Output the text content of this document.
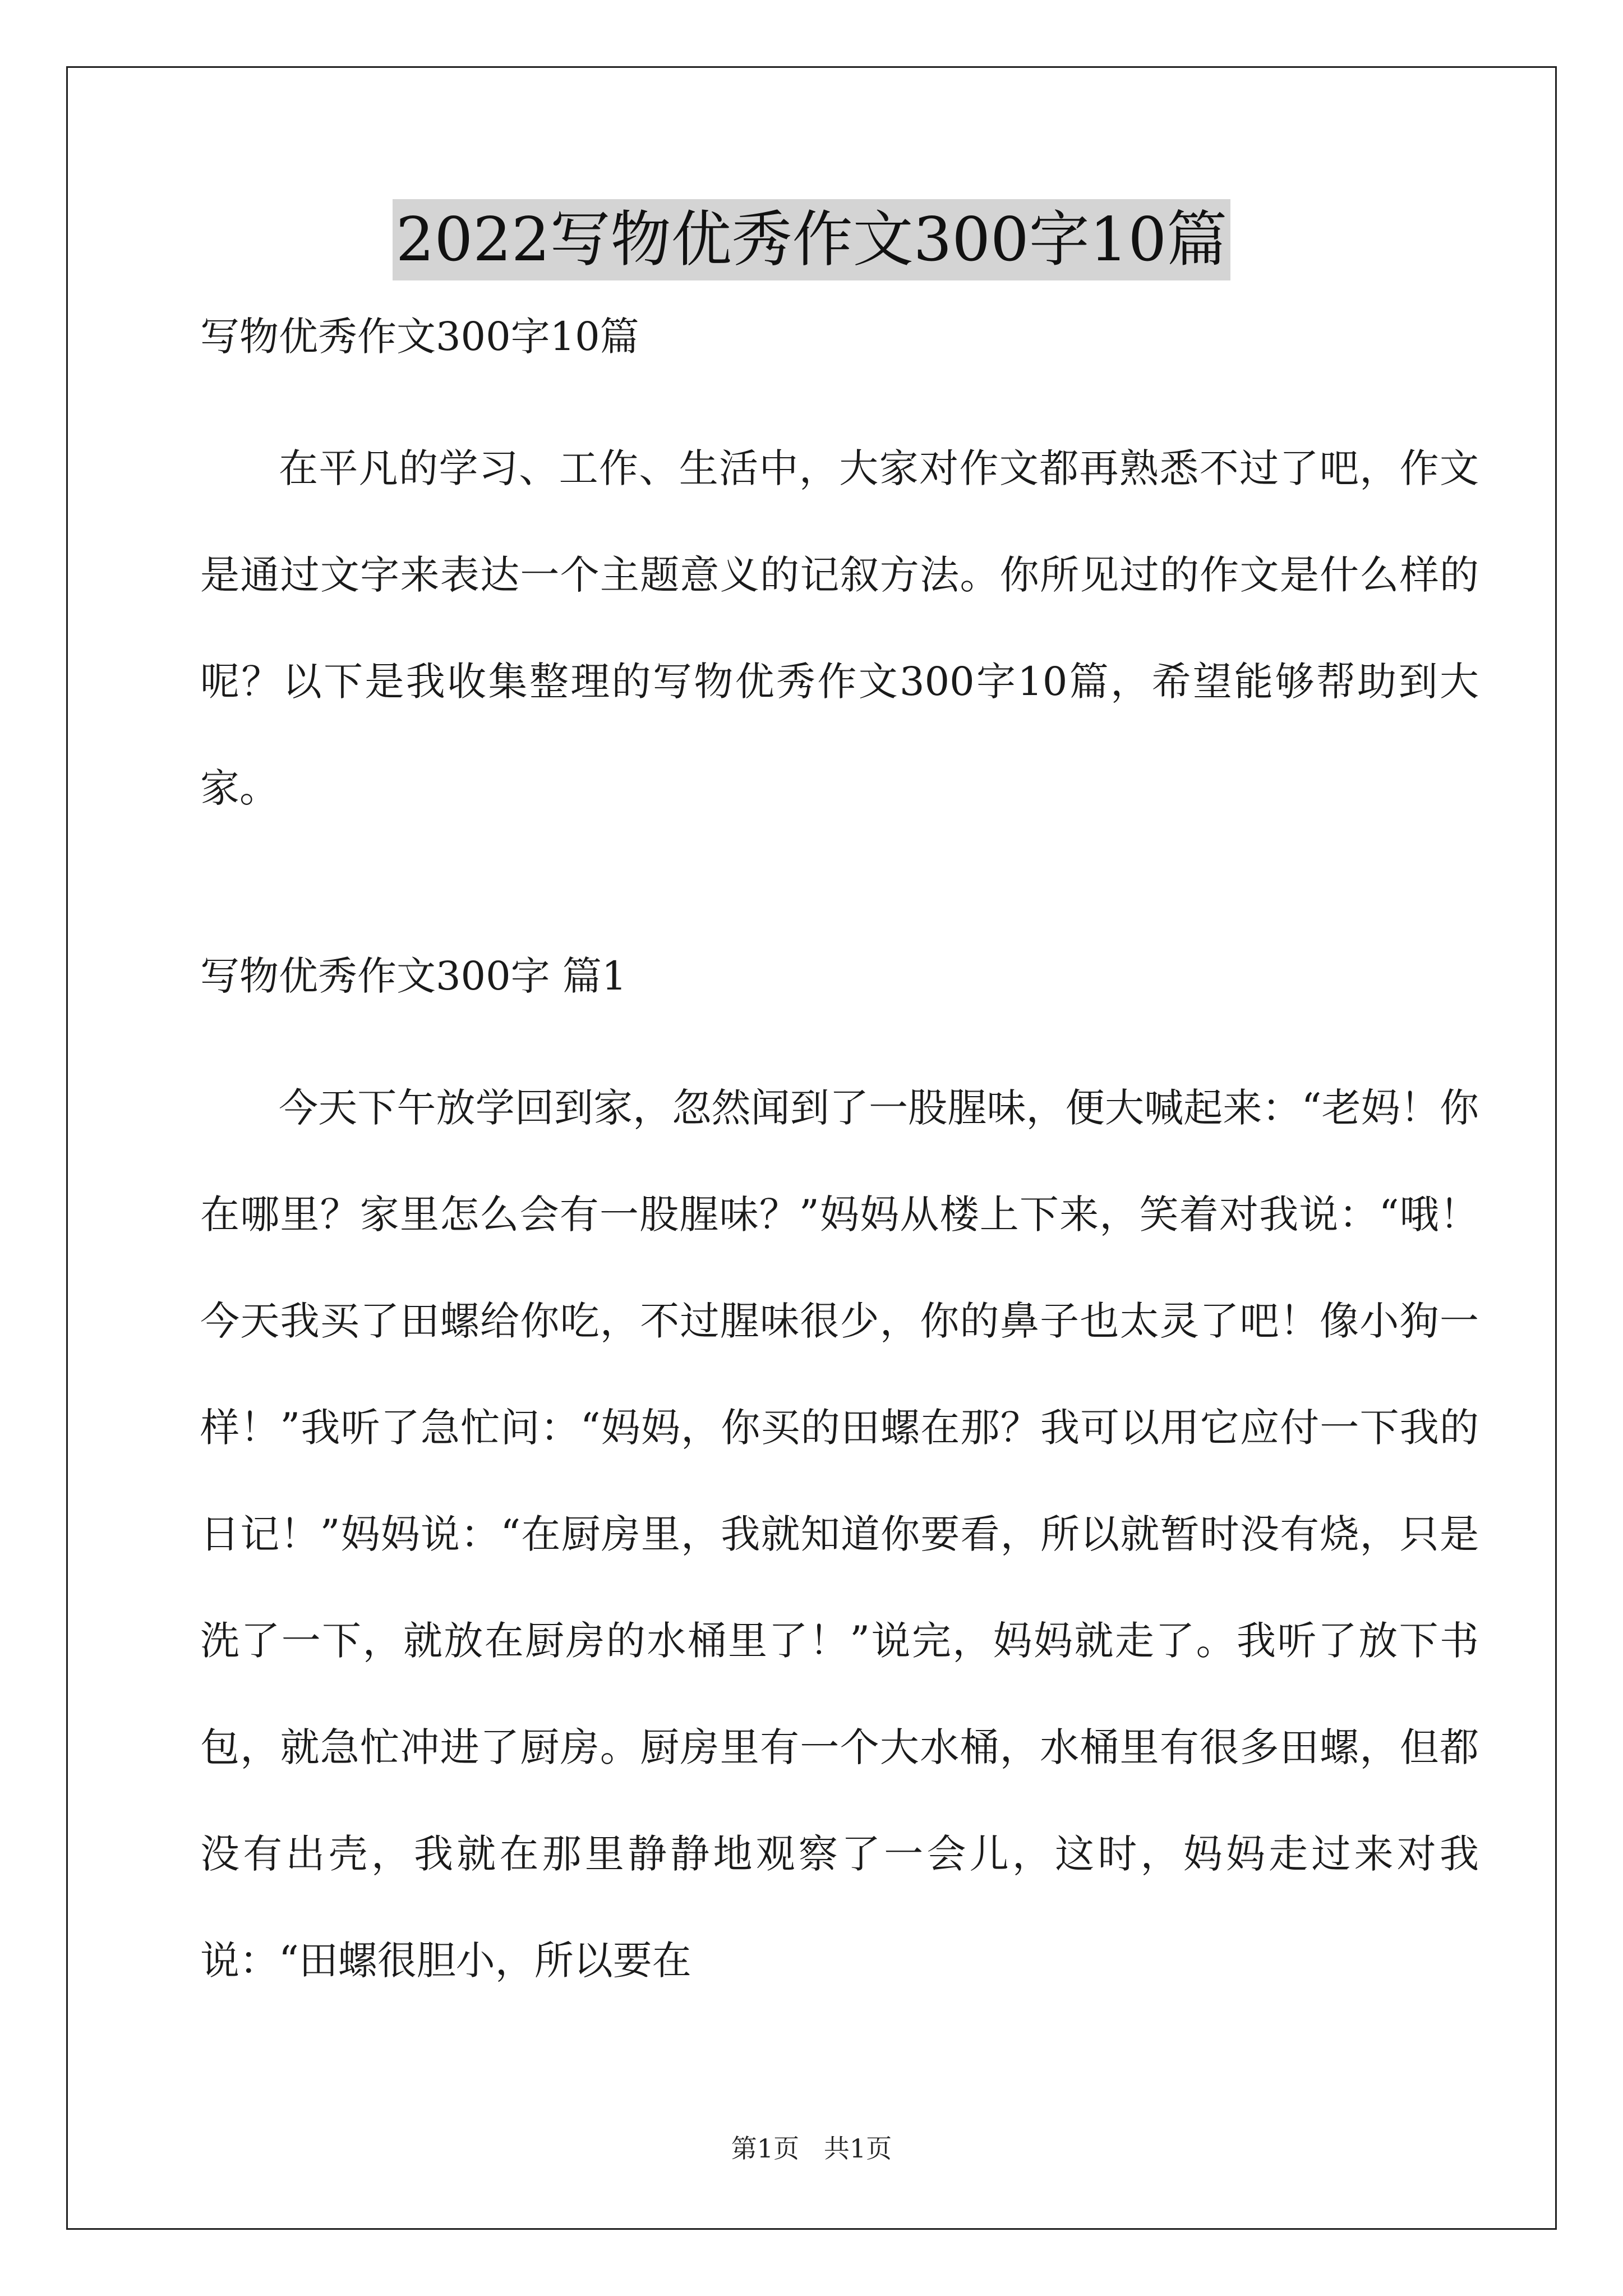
2022写物优秀作文300字10篇

写物优秀作文300字10篇

在平凡的学习、工作、生活中，大家对作文都再熟悉不过了吧，作文是通过文字来表达一个主题意义的记叙方法。你所见过的作文是什么样的呢？以下是我收集整理的写物优秀作文300字10篇，希望能够帮助到大家。

写物优秀作文300字 篇1

今天下午放学回到家，忽然闻到了一股腥味，便大喊起来：“老妈！你在哪里？家里怎么会有一股腥味？”妈妈从楼上下来，笑着对我说：“哦！今天我买了田螺给你吃，不过腥味很少，你的鼻子也太灵了吧！像小狗一样！”我听了急忙问：“妈妈，你买的田螺在那？我可以用它应付一下我的日记！”妈妈说：“在厨房里，我就知道你要看，所以就暂时没有烧，只是洗了一下，就放在厨房的水桶里了！”说完，妈妈就走了。我听了放下书包，就急忙冲进了厨房。厨房里有一个大水桶，水桶里有很多田螺，但都没有出壳，我就在那里静静地观察了一会儿，这时，妈妈走过来对我说：“田螺很胆小，所以要在

第1页   共1页
